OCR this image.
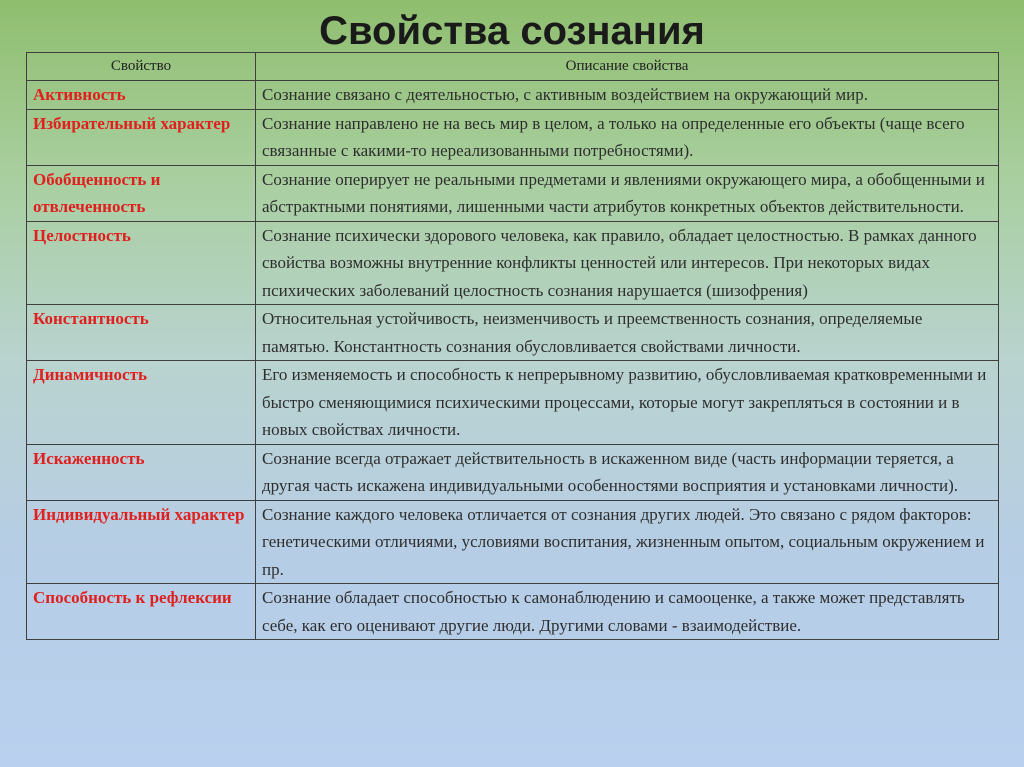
Свойства сознания
Свойство	Описание свойства
Активность	Сознание связано с деятельностью, с активным воздействием на окружающий мир.
Избирательный характер	Сознание направлено не на весь мир в целом, а только на определенные его объекты (чаще всего связанные с какими-то нереализованными потребностями).
Обобщенность и отвлеченность	Сознание оперирует не реальными предметами и явлениями окружающего мира, а обобщенными и абстрактными понятиями, лишенными части атрибутов конкретных объектов действительности.
Целостность	Сознание психически здорового человека, как правило, обладает целостностью. В рамках данного свойства возможны внутренние конфликты ценностей или интересов. При некоторых видах психических заболеваний целостность сознания нарушается (шизофрения)
Константность	Относительная устойчивость, неизменчивость и преемственность сознания, определяемые памятью. Константность сознания обусловливается свойствами личности.
Динамичность	Его изменяемость и способность к непрерывному развитию, обусловливаемая кратковременными и быстро сменяющимися психическими процессами, которые могут закрепляться в состоянии и в новых свойствах личности.
Искаженность	Сознание всегда отражает действительность в искаженном виде (часть информации теряется, а другая часть искажена индивидуальными особенностями восприятия и установками личности).
Индивидуальный характер	Сознание каждого человека отличается от сознания других людей. Это связано с рядом факторов: генетическими отличиями, условиями воспитания, жизненным опытом, социальным окружением и пр.
Способность к рефлексии	Сознание обладает способностью к самонаблюдению и самооценке, а также может представлять себе, как его оценивают другие люди. Другими словами - взаимодействие.
